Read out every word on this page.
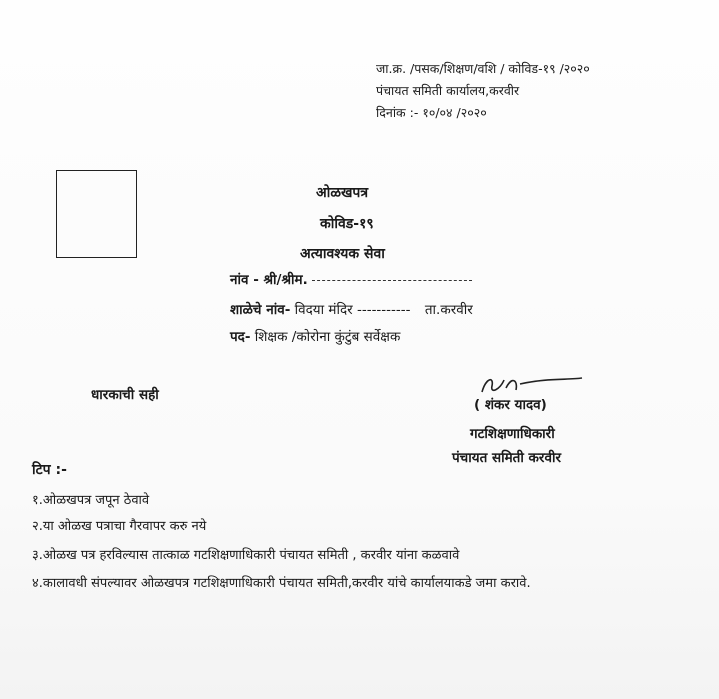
जा.क्र. /पसक/शिक्षण/वशि / कोविड-१९ /२०२०
पंचायत समिती कार्यालय,करवीर
दिनांक :- १०/०४ /२०२०
ओळखपत्र
कोविड-१९
अत्यावश्यक सेवा
नांव - श्री/श्रीम.
शाळेचे नांव- विदया मंदिर ----------- ता.करवीर
पद- शिक्षक /कोरोना कुंटुंब सर्वेक्षक
धारकाची सही
( शंकर यादव)
गटशिक्षणाधिकारी
पंचायत समिती करवीर
टिप :-
१.ओळखपत्र जपून ठेवावे
२.या ओळख पत्राचा गैरवापर करु नये
३.ओळख पत्र हरविल्यास तात्काळ गटशिक्षणाधिकारी पंचायत समिती , करवीर यांना कळवावे
४.कालावधी संपल्यावर ओळखपत्र गटशिक्षणाधिकारी पंचायत समिती,करवीर यांचे कार्यालयाकडे जमा करावे.
